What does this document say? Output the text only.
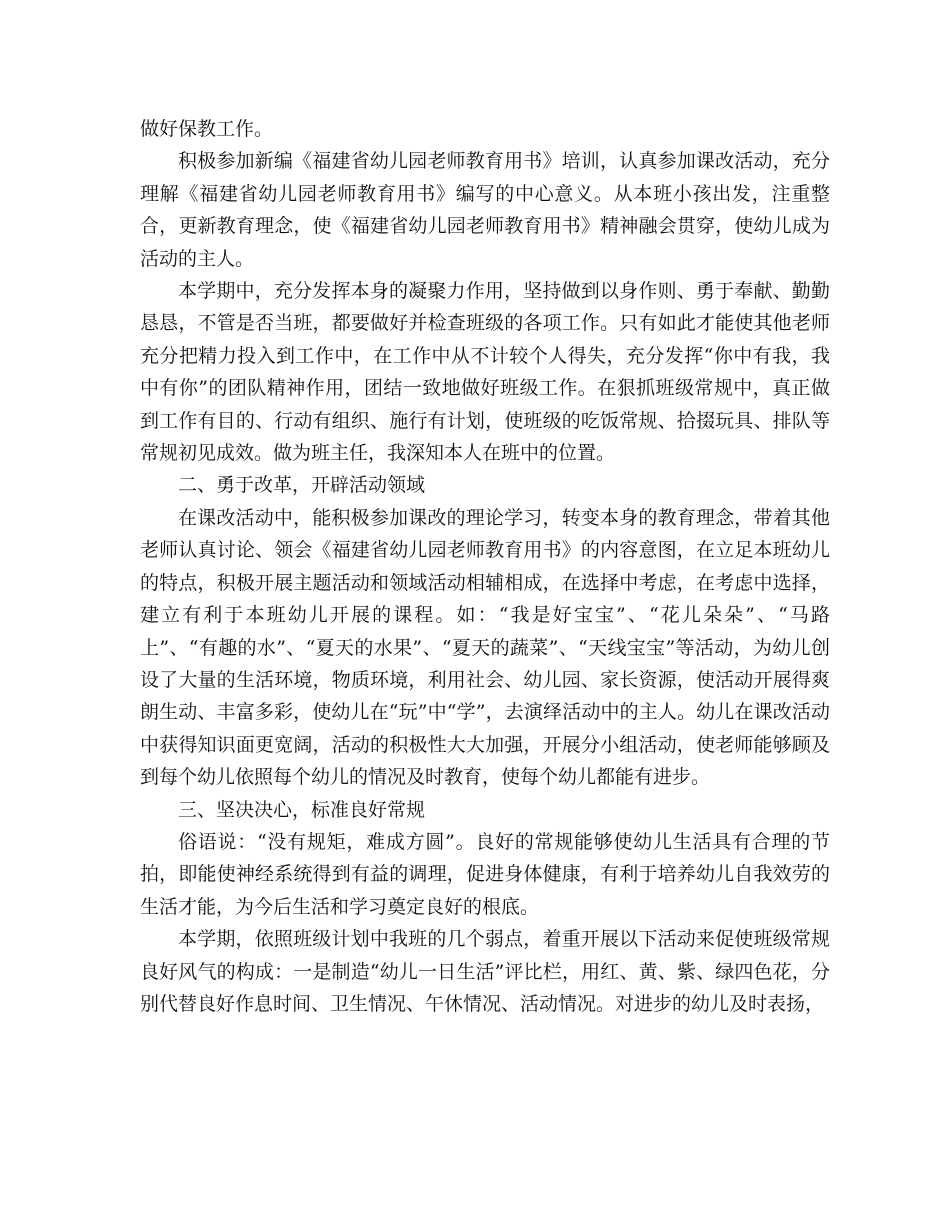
做好保教工作。

积极参加新编《福建省幼儿园老师教育用书》培训，认真参加课改活动，充分理解《福建省幼儿园老师教育用书》编写的中心意义。从本班小孩出发，注重整合，更新教育理念，使《福建省幼儿园老师教育用书》精神融会贯穿，使幼儿成为活动的主人。

本学期中，充分发挥本身的凝聚力作用，坚持做到以身作则、勇于奉献、勤勤恳恳，不管是否当班，都要做好并检查班级的各项工作。只有如此才能使其他老师充分把精力投入到工作中，在工作中从不计较个人得失，充分发挥“你中有我，我中有你”的团队精神作用，团结一致地做好班级工作。在狠抓班级常规中，真正做到工作有目的、行动有组织、施行有计划，使班级的吃饭常规、拾掇玩具、排队等常规初见成效。做为班主任，我深知本人在班中的位置。

二、勇于改革，开辟活动领域

在课改活动中，能积极参加课改的理论学习，转变本身的教育理念，带着其他老师认真讨论、领会《福建省幼儿园老师教育用书》的内容意图，在立足本班幼儿的特点，积极开展主题活动和领域活动相辅相成，在选择中考虑，在考虑中选择，建立有利于本班幼儿开展的课程。如：“我是好宝宝”、“花儿朵朵”、“马路上”、“有趣的水”、“夏天的水果”、“夏天的蔬菜”、“天线宝宝”等活动，为幼儿创设了大量的生活环境，物质环境，利用社会、幼儿园、家长资源，使活动开展得爽朗生动、丰富多彩，使幼儿在“玩”中“学”，去演绎活动中的主人。幼儿在课改活动中获得知识面更宽阔，活动的积极性大大加强，开展分小组活动，使老师能够顾及到每个幼儿依照每个幼儿的情况及时教育，使每个幼儿都能有进步。

三、坚决决心，标准良好常规

俗语说：“没有规矩，难成方圆”。良好的常规能够使幼儿生活具有合理的节拍，即能使神经系统得到有益的调理，促进身体健康，有利于培养幼儿自我效劳的生活才能，为今后生活和学习奠定良好的根底。

本学期，依照班级计划中我班的几个弱点，着重开展以下活动来促使班级常规良好风气的构成：一是制造“幼儿一日生活”评比栏，用红、黄、紫、绿四色花，分别代替良好作息时间、卫生情况、午休情况、活动情况。对进步的幼儿及时表扬，
